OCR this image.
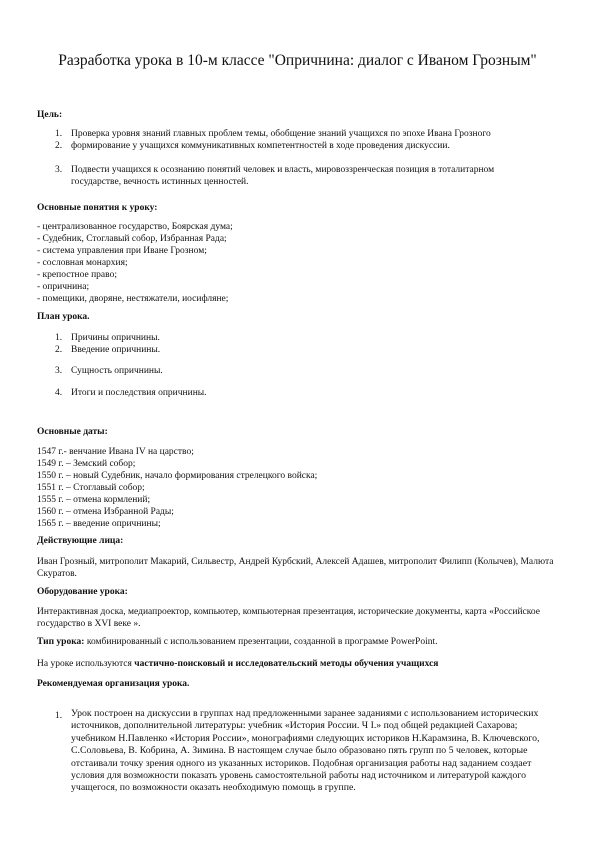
Разработка урока в 10-м классе "Опричнина: диалог с Иваном Грозным"
Цель:
1. Проверка уровня знаний главных проблем темы, обобщение знаний учащихся по эпохе Ивана Грозного
2. формирование у учащихся коммуникативных компетентностей в ходе проведения дискуссии.
3. Подвести учащихся к осознанию понятий человек и власть, мировоззренческая позиция в тоталитарном государстве, вечность истинных ценностей.
Основные понятия к уроку:
- централизованное государство, Боярская дума;
- Судебник, Стоглавый собор, Избранная Рада;
- система управления при Иване Грозном;
- сословная монархия;
- крепостное право;
- опричнина;
- помещики, дворяне, нестяжатели, иосифляне;
План урока.
1. Причины опричнины.
2. Введение опричнины.
3. Сущность опричнины.
4. Итоги и последствия опричнины.
Основные даты:
1547 г.- венчание Ивана IV на царство;
1549 г. – Земский собор;
1550 г. – новый Судебник, начало формирования стрелецкого войска;
1551 г. – Стоглавый собор;
1555 г. – отмена кормлений;
1560 г. – отмена Избранной Рады;
1565 г. – введение опричнины;
Действующие лица:
Иван Грозный, митрополит Макарий, Сильвестр, Андрей Курбский, Алексей Адашев, митрополит Филипп (Колычев), Малюта Скуратов.
Оборудование урока:
Интерактивная доска, медиапроектор, компьютер, компьютерная презентация, исторические документы, карта «Российское государство в XVI веке ».
Тип урока: комбинированный с использованием презентации, созданной в программе PowerPoint.
На уроке используются частично-поисковый и исследовательский методы обучения учащихся
Рекомендуемая организация урока.
1. Урок построен на дискуссии в группах над предложенными заранее заданиями с использованием исторических источников, дополнительной литературы: учебник «История России. Ч I.» под общей редакцией Сахарова; учебником Н.Павленко «История России», монографиями следующих историков Н.Карамзина, В. Ключевского, С.Соловьева, В. Кобрина, А. Зимина. В настоящем случае было образовано пять групп по 5 человек, которые отстаивали точку зрения одного из указанных историков. Подобная организация работы над заданием создает условия для возможности показать уровень самостоятельной работы над источником и литературой каждого учащегося, по возможности оказать необходимую помощь в группе.
